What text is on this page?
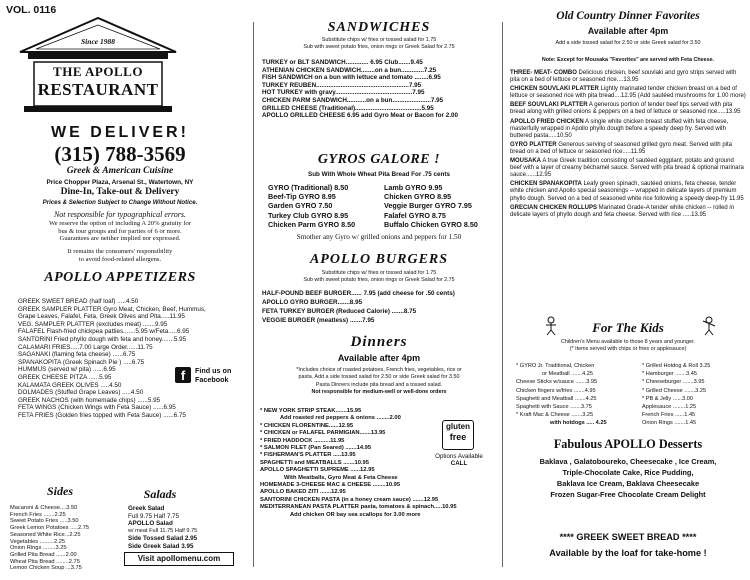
VOL. 0116
Since 1988
THE APOLLO
RESTAURANT
WE DELIVER!
(315) 788-3569
Greek & American Cuisine
Price Chopper Plaza, Arsenal St., Watertown, NY
Dine-In, Take-out & Delivery
Prices & Selection Subject to Change Without Notice.
Not responsible for typographical errors.
We reserve the option of including A 20% gratuity for
bus & tour groups and for parties of 6 or more.
Guarantees are neither implied nor expressed.
It remains the consumers' responsibility
to avoid food-related allergens.
APOLLO APPETIZERS
GREEK SWEET BREAD (half loaf) .....4.50
GREEK SAMPLER PLATTER Gyro Meat, Chicken, Beef, Hummus,
Grape Leaves, Falafel, Feta, Greek Olives and Pita.....11.95
VEG. SAMPLER PLATTER (excludes meat) .......9.95
FALAFEL Flash-fried chickpea patties.......5.95 w/Feta.....6.95
SANTORINI Fried phyllo dough with feta and honey.......5.95
CALAMARI FRIES.....7.00 Large Order......11.75
SAGANAKI (flaming feta cheese) ......6.75
SPANAKOPITA (Greek Spinach Pie ) .....6.75
HUMMUS (served w/ pita) ......6.95
GREEK CHEESE PITZA ......5.95
KALAMATA GREEK OLIVES .....4.50
DOLMADES (Stuffed Grape Leaves) .....4.50
GREEK NACHOS (with homemade chips) ......5.95
FETA WINGS (Chicken Wings with Feta Sauce) ......6.95
FETA FRIES (Golden fries topped with Feta Sauce) ......6.75
f	Find us on
Facebook
Sides
Macaroni & Cheese....3.50
French Fries .......2.25
Sweet Potato Fries .....3.50
Greek Lemon Potatoes .....2.75
Seasoned White Rice...2.25
Vegetables .........2.25
Onion Rings ........3.25
Grilled Pita Bread ......2.00
Wheat Pita Bread ........2.75
Lemon Chicken Soup ...3.75
Salads
Greek Salad
Full 9.75 Half 7.75
APOLLO Salad
w/ meat Full 11.75 Half 9.75
Side Tossed Salad 2.95
Side Greek Salad 3.95
Visit apollomenu.com
SANDWICHES
Substitute chips w/ fries or tossed salad for 1.75
Sub with sweet potato fries, onion rings or Greek Salad for 2.75
TURKEY or BLT SANDWICH............. 6.95 Club.......9.45
ATHENIAN CHICKEN SANDWICH........on a bun.............7.25
FISH SANDWICH on a bun with lettuce and tomato ........6.95
TURKEY REUBEN.....................................................7.95
HOT TURKEY with gravy............................................7.95
CHICKEN PARM SANDWICH...........on a bun......................7.95
GRILLED CHEESE (Traditional)......................................5.95
APOLLO GRILLED CHEESE 6.95 add Gyro Meat or Bacon for 2.00
GYROS GALORE !
Sub With Whole Wheat Pita Bread For .75 cents
GYRO (Traditional) 8.50	Lamb GYRO 9.95
Beef-Tip GYRO 8.95	Chicken GYRO 8.95
Garden GYRO 7.50	Veggie Burger GYRO 7.95
Turkey Club GYRO 8.95	Falafel GYRO 8.75
Chicken Parm GYRO 8.50	Buffalo Chicken GYRO 8.50
Smother any Gyro w/ grilled onions and peppers for 1.50
APOLLO BURGERS
Substitute chips w/ fries or tossed salad for 1.75
Sub with sweet potato fries, onion rings or Greek Salad for 2.75
HALF-POUND BEEF BURGER...... 7.95 (add cheese for .50 cents)
APOLLO GYRO BURGER.......8.95
FETA TURKEY BURGER (Reduced Calorie) .......8.75
VEGGIE BURGER (meatless) .......7.95
Dinners
Available after 4pm
*Includes choice of roasted potatoes, French fries, vegetables, rice or
pasta. Add a side tossed salad for 2.50 or side Greek salad for 3.50
Pasta Dinners include pita bread and a tossed salad.
Not responsible for medium-well or well-done orders
* NEW YORK STRIP STEAK.......15.95
Add roasted red peppers & onions ........2.00
* CHICKEN FLORENTINE......12.95
* CHICKEN or FALAFEL PARMIGIAN.......13.95
* FRIED HADDOCK ..........11.95
* SALMON FILET (Pan Seared) .......14.95
* FISHERMAN'S PLATTER .....13.95
SPAGHETTI and MEATBALLS .......10.95
APOLLO SPAGHETTI SUPREME ......12.95
With Meatballs, Gyro Meat & Feta Cheese
HOMEMADE 3-CHEESE MAC & CHEESE ........10.95
APOLLO BAKED ZITI .......12.95
SANTORINI CHICKEN PASTA (in a honey cream sauce) .......12.95
MEDITERRANEAN PASTA PLATTER pasta, tomatoes & spinach.....10.95
Add chicken OR bay sea scallops for 3.00 more
gluten
free
Options Available
CALL
Old Country Dinner Favorites
Available after 4pm
Add a side tossed salad for 2.50 or side Greek salad for 3.50
Note: Except for Mousaka "Favorites" are served with Feta Cheese.
THREE- MEAT- COMBO Delicious chicken, beef souvlaki and gyro strips served with pita on a bed of lettuce or seasoned rice....13.95
CHICKEN SOUVLAKI PLATTER Lightly marinated tender chicken breast on a bed of lettuce or seasoned rice with pita bread....12.95 (Add sautéed mushrooms for 1.00 more)
BEEF SOUVLAKI PLATTER A generous portion of tender beef tips served with pita bread along with grilled onions & peppers on a bed of lettuce or seasoned rice.....13.95
APOLLO FRIED CHICKEN A single white chicken breast stuffed with feta cheese, masterfully wrapped in Apollo phyllo dough before a speedy deep fry. Served with buttered pasta.....10.50
GYRO PLATTER Generous serving of seasoned grilled gyro meat. Served with pita bread on a bed of lettuce or seasoned rice.....11.95
MOUSAKA A true Greek tradition consisting of sautéed eggplant, potato and ground beef with a layer of creamy béchamel sauce. Served with pita bread & optional marinara sauce......12.95
CHICKEN SPANAKOPITA Leafy green spinach, sautéed onions, feta cheese, tender white chicken and Apollo special seasonings -- wrapped in delicate layers of premium phyllo dough. Served on a bed of seasoned white rice following a speedy deep-fry 11.95
GRECIAN CHICKEN ROLLUPS Marinated Grade-A tender white chicken -- rolled in delicate layers of phyllo dough and feta cheese. Served with rice .....13.95
For The Kids
Children's Menu available to those 8 years and younger.
(* Items served with chips or fries or applesauce)
* GYRO Jr. Traditional, Chicken
or Meatball .......4.25
Cheese Sticks w/sauce .......3.95
Chicken fingers w/fries .......4.95
Spaghetti and Meatball .......4.25
Spaghetti with Sauce .......3.75
* Kraft Mac & Cheese .......3.25
with hotdogs ..... 4.25
* Grilled Hotdog & Roll 3.25
* Hamburger .......3.45
* Cheeseburger .......3.95
* Grilled Cheese .......3.25
* PB & Jelly ......3.00
Applesauce ........1.25
French Fries ......1.45
Onion Rings .......1.45
Fabulous APOLLO Desserts
Baklava , Galatoboureko, Cheesecake , Ice Cream,
Triple-Chocolate Cake, Rice Pudding,
Baklava Ice Cream, Baklava Cheesecake
Frozen Sugar-Free Chocolate Cream Delight
**** GREEK SWEET BREAD ****
Available by the loaf for take-home !
